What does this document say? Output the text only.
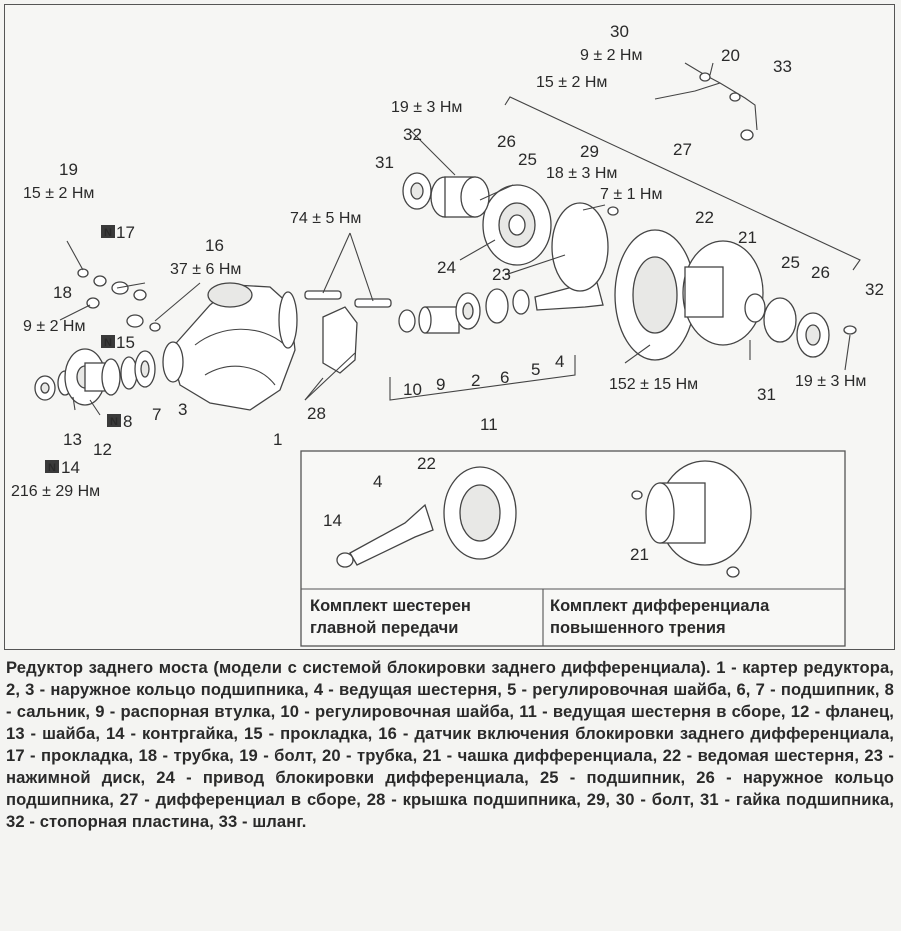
30
9 ± 2 Нм	20
33
15 ± 2 Нм
19 ± 3 Нм
32	26
25	29	27
31
18 ± 3 Нм
7 ± 1 Нм
19
15 ± 2 Нм
74 ± 5 Нм	22
21
N 17
16
37 ± 6 Нм	24 23
25
26
32
18
9 ± 2 Нм
N 15
10 9 2 6 5 4
152 ± 15 Нм
31
19 ± 3 Нм
8
N 7 3	28
11
1
13
12
N 14
216 ± 29 Нм
22
4
14
21
Комплект шестерен
главной передачи
Комплект дифференциала
повышенного трения
Редуктор заднего моста (модели с системой блокировки заднего дифференциала). 1 - картер редуктора, 2, 3 - наружное кольцо подшипника, 4 - ведущая шестерня, 5 - регулировочная шайба, 6, 7 - подшипник, 8 - сальник, 9 - распорная втулка, 10 - регулировочная шайба, 11 - ведущая шестерня в сборе, 12 - фланец, 13 - шайба, 14 - контргайка, 15 - прокладка, 16 - датчик включения блокировки заднего дифференциала, 17 - прокладка, 18 - трубка, 19 - болт, 20 - трубка, 21 - чашка дифференциала, 22 - ведомая шестерня, 23 - нажимной диск, 24 - привод блокировки дифференциала, 25 - подшипник, 26 - наружное кольцо подшипника, 27 - дифференциал в сборе, 28 - крышка подшипника, 29, 30 - болт, 31 - гайка подшипника, 32 - стопорная пластина, 33 - шланг.
